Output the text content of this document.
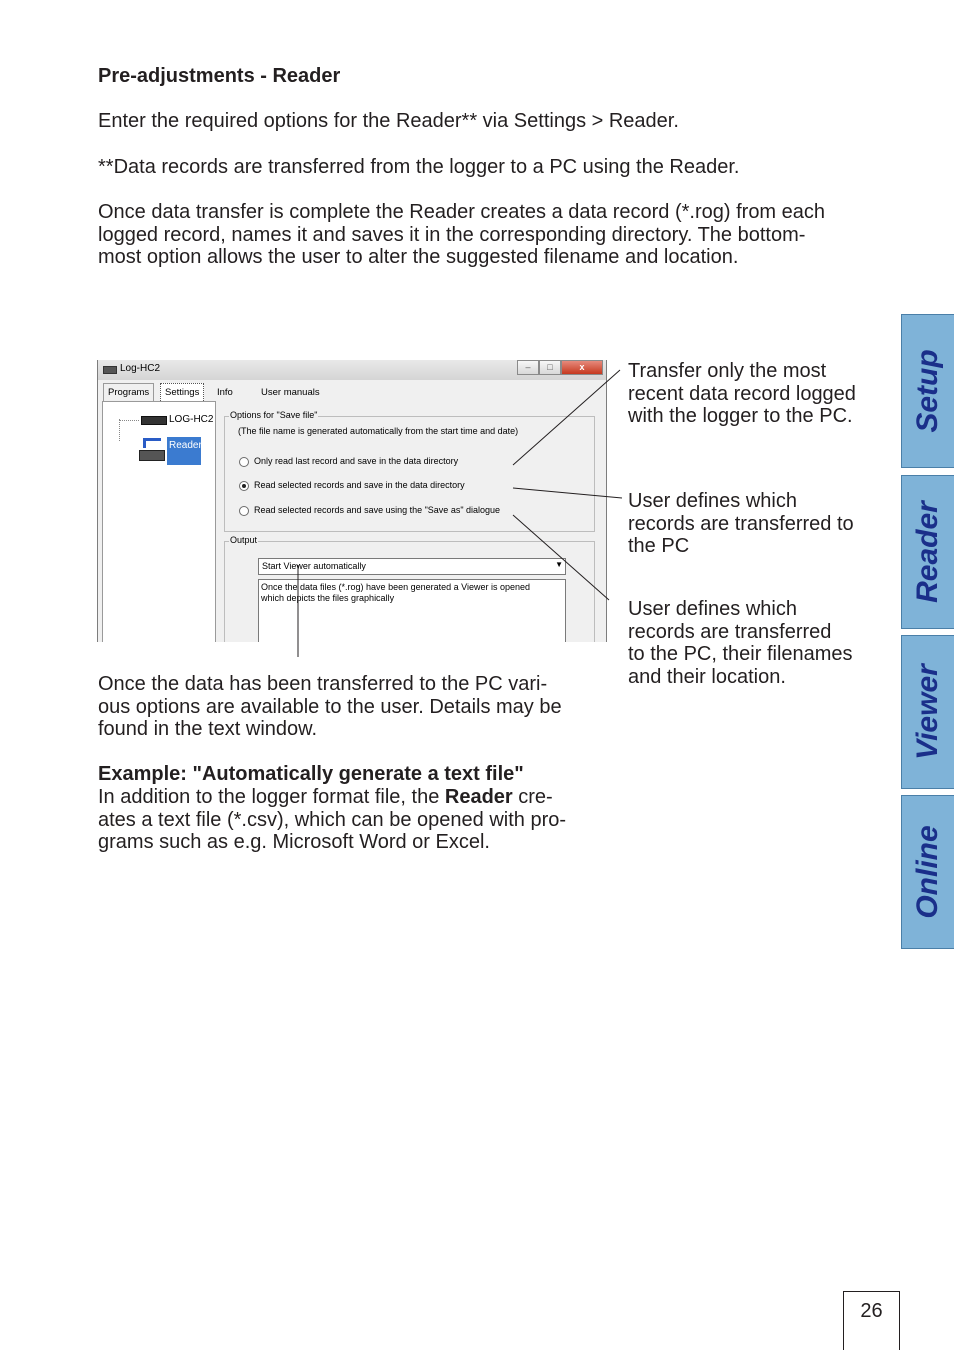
Pre-adjustments - Reader
Enter the required options for the Reader** via Settings > Reader.
**Data records are transferred from the logger to a PC using the Reader.
Once data transfer is complete the Reader creates a data record (*.rog) from each
logged record, names it and saves it in the corresponding directory. The bottom-
most option allows the user to alter the suggested filename and location.
Log-HC2	–	□	x
Programs	Settings	Info	User manuals
LOG-HC2
Reader
Options for "Save file"
(The file name is generated automatically from the start time and date)
Only read last record and save in the data directory
Read selected records and save in the data directory
Read selected records and save using the "Save as" dialogue
Output
Start Viewer automatically	▼
Once the data files (*.rog) have been generated a Viewer is opened
which depicts the files graphically
Transfer only the most
recent data record logged
with the logger to the PC.
User defines which
records are transferred to
the PC
User defines which
records are transferred
to the PC, their filenames
and their location.
Once the data has been transferred to the PC vari-
ous options are available to the user. Details may be
found in the text window.
Example: "Automatically generate a text file"
In addition to the logger format file, the Reader cre-
ates a text file (*.csv), which can be opened with pro-
grams such as e.g. Microsoft Word or Excel.
Setup
Reader
Viewer
Online
26
